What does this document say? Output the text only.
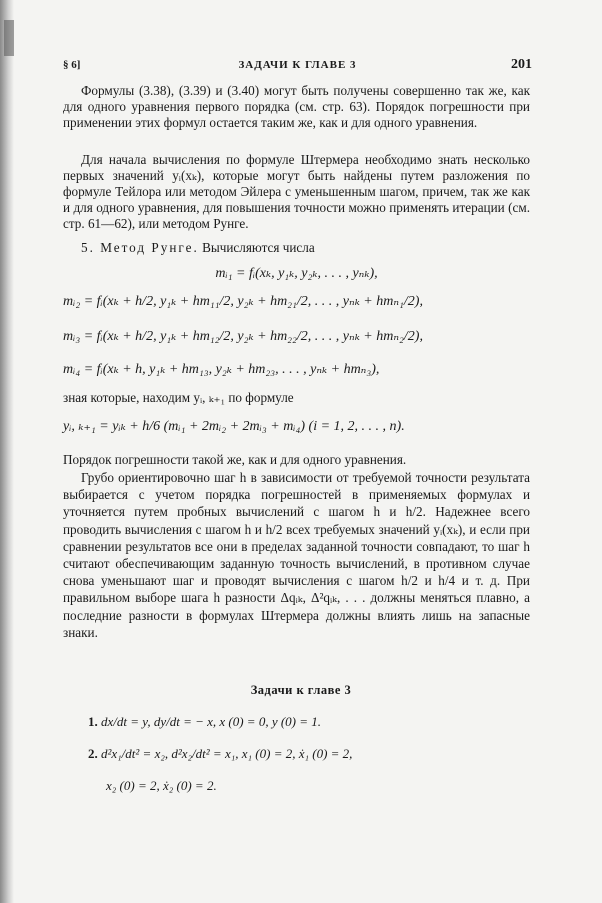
§ 6]	ЗАДАЧИ К ГЛАВЕ 3	201

Формулы (3.38), (3.39) и (3.40) могут быть получены совершенно так же, как для одного уравнения первого порядка (см. стр. 63). Порядок погрешности при применении этих формул остается таким же, как и для одного уравнения.

Для начала вычисления по формуле Штермера необходимо знать несколько первых значений yᵢ(xₖ), которые могут быть найдены путем разложения по формуле Тейлора или методом Эйлера с уменьшенным шагом, причем, так же как и для одного уравнения, для повышения точности можно применять итерации (см. стр. 61—62), или методом Рунге.

5. Метод Рунге. Вычисляются числа

mᵢ₁ = fᵢ(xₖ, y₁ₖ, y₂ₖ, . . . , yₙₖ),
mᵢ₂ = fᵢ(xₖ + h/2, y₁ₖ + hm₁₁/2, y₂ₖ + hm₂₁/2, . . . , yₙₖ + hmₙ₁/2),
mᵢ₃ = fᵢ(xₖ + h/2, y₁ₖ + hm₁₂/2, y₂ₖ + hm₂₂/2, . . . , yₙₖ + hmₙ₂/2),
mᵢ₄ = fᵢ(xₖ + h, y₁ₖ + hm₁₃, y₂ₖ + hm₂₃, . . . , yₙₖ + hmₙ₃),

зная которые, находим yᵢ, ₖ₊₁ по формуле

yᵢ, ₖ₊₁ = yᵢₖ + h/6 (mᵢ₁ + 2mᵢ₂ + 2mᵢ₃ + mᵢ₄) (i = 1, 2, . . . , n).

Порядок погрешности такой же, как и для одного уравнения.

Грубо ориентировочно шаг h в зависимости от требуемой точности результата выбирается с учетом порядка погрешностей в применяемых формулах и уточняется путем пробных вычислений с шагом h и h/2. Надежнее всего проводить вычисления с шагом h и h/2 всех требуемых значений yᵢ(xₖ), и если при сравнении результатов все они в пределах заданной точности совпадают, то шаг h считают обеспечивающим заданную точность вычислений, в противном случае снова уменьшают шаг и проводят вычисления с шагом h/2 и h/4 и т. д. При правильном выборе шага h разности Δqᵢₖ, Δ²qᵢₖ, . . . должны меняться плавно, а последние разности в формулах Штермера должны влиять лишь на запасные знаки.

Задачи к главе 3
1. dx/dt = y, dy/dt = − x, x (0) = 0, y (0) = 1.
2. d²x₁/dt² = x₂, d²x₂/dt² = x₁, x₁ (0) = 2, ẋ₁ (0) = 2,
x₂ (0) = 2, ẋ₂ (0) = 2.
